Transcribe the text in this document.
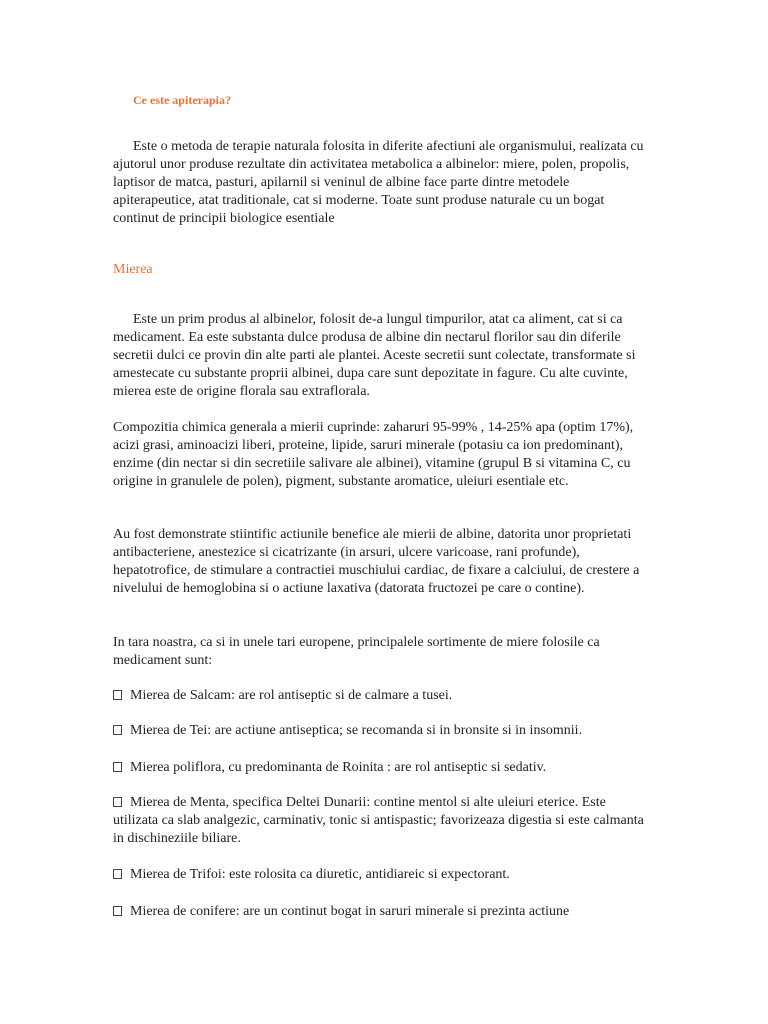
Ce este apiterapia?

Este o metoda de terapie naturala folosita in diferite afectiuni ale organismului, realizata cu ajutorul unor produse rezultate din activitatea metabolica a albinelor: miere, polen, propolis, laptisor de matca, pasturi, apilarnil si veninul de albine face parte dintre metodele apiterapeutice, atat traditionale, cat si moderne. Toate sunt produse naturale cu un bogat continut de principii biologice esentiale

Mierea

Este un prim produs al albinelor, folosit de-a lungul timpurilor, atat ca aliment, cat si ca medicament. Ea este substanta dulce produsa de albine din nectarul florilor sau din diferile secretii dulci ce provin din alte parti ale plantei. Aceste secretii sunt colectate, transformate si amestecate cu substante proprii albinei, dupa care sunt depozitate in fagure. Cu alte cuvinte, mierea este de origine florala sau extraflorala.

Compozitia chimica generala a mierii cuprinde: zaharuri 95-99% , 14-25% apa (optim 17%), acizi grasi, aminoacizi liberi, proteine, lipide, saruri minerale (potasiu ca ion predominant), enzime (din nectar si din secretiile salivare ale albinei), vitamine (grupul B si vitamina C, cu origine in granulele de polen), pigment, substante aromatice, uleiuri esentiale etc.

Au fost demonstrate stiintific actiunile benefice ale mierii de albine, datorita unor proprietati antibacteriene, anestezice si cicatrizante (in arsuri, ulcere varicoase, rani profunde), hepatotrofice, de stimulare a contractiei muschiului cardiac, de fixare a calciului, de crestere a nivelului de hemoglobina si o actiune laxativa (datorata fructozei pe care o contine).

In tara noastra, ca si in unele tari europene, principalele sortimente de miere folosile ca medicament sunt:

Mierea de Salcam: are rol antiseptic si de calmare a tusei.

Mierea de Tei: are actiune antiseptica; se recomanda si in bronsite si in insomnii.

Mierea poliflora, cu predominanta de Roinita : are rol antiseptic si sedativ.

Mierea de Menta, specifica Deltei Dunarii: contine mentol si alte uleiuri eterice. Este utilizata ca slab analgezic, carminativ, tonic si antispastic; favorizeaza digestia si este calmanta in dischineziile biliare.

Mierea de Trifoi: este rolosita ca diuretic, antidiareic si expectorant.

Mierea de conifere: are un continut bogat in saruri minerale si prezinta actiune
